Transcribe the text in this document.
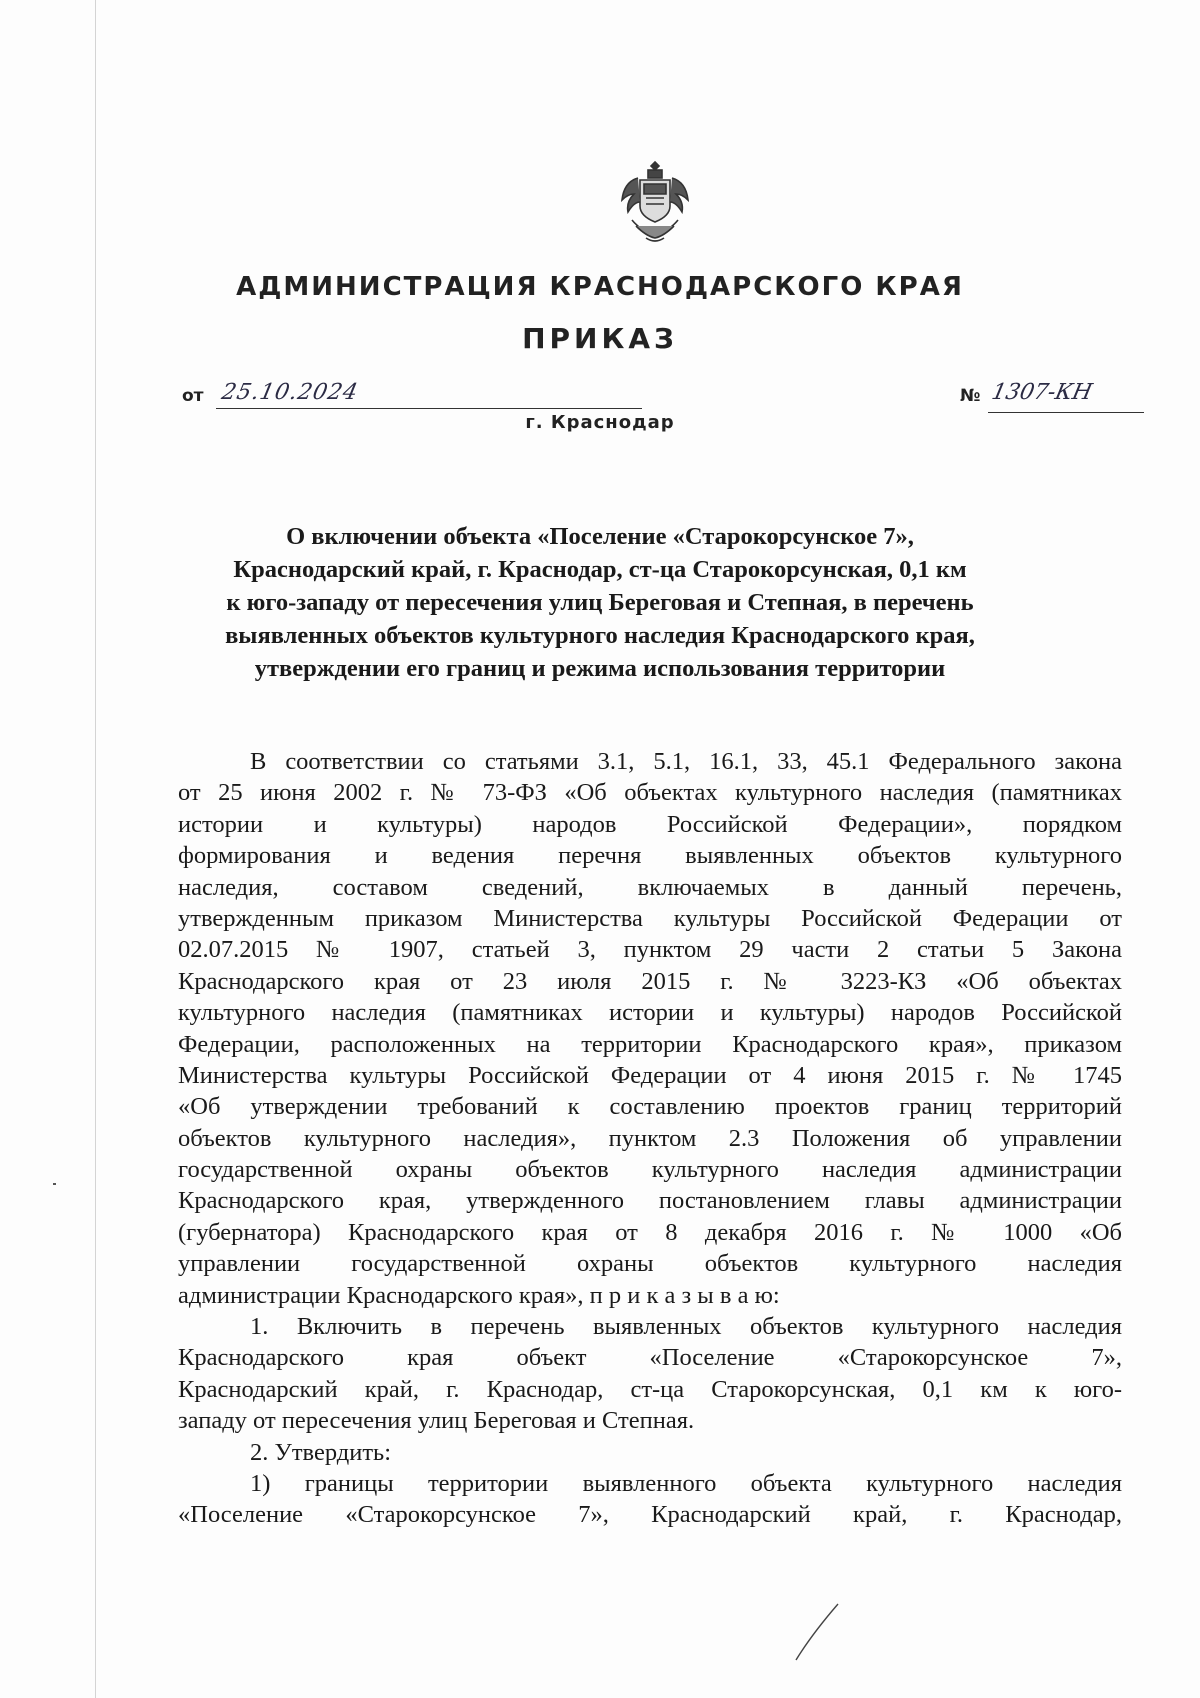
АДМИНИСТРАЦИЯ КРАСНОДАРСКОГО КРАЯ
ПРИКАЗ
от 25.10.2024	№ 1307-КН
г. Краснодар
О включении объекта «Поселение «Старокорсунское 7»,
Краснодарский край, г. Краснодар, ст-ца Старокорсунская, 0,1 км
к юго-западу от пересечения улиц Береговая и Степная, в перечень
выявленных объектов культурного наследия Краснодарского края,
утверждении его границ и режима использования территории
В соответствии со статьями 3.1, 5.1, 16.1, 33, 45.1 Федерального закона
от 25 июня 2002 г. № 73-ФЗ «Об объектах культурного наследия (памятниках
истории и культуры) народов Российской Федерации», порядком
формирования и ведения перечня выявленных объектов культурного
наследия, составом сведений, включаемых в данный перечень,
утвержденным приказом Министерства культуры Российской Федерации от
02.07.2015 № 1907, статьей 3, пунктом 29 части 2 статьи 5 Закона
Краснодарского края от 23 июля 2015 г. № 3223-КЗ «Об объектах
культурного наследия (памятниках истории и культуры) народов Российской
Федерации, расположенных на территории Краснодарского края», приказом
Министерства культуры Российской Федерации от 4 июня 2015 г. № 1745
«Об утверждении требований к составлению проектов границ территорий
объектов культурного наследия», пунктом 2.3 Положения об управлении
государственной охраны объектов культурного наследия администрации
Краснодарского края, утвержденного постановлением главы администрации
(губернатора) Краснодарского края от 8 декабря 2016 г. № 1000 «Об
управлении государственной охраны объектов культурного наследия
администрации Краснодарского края», п р и к а з ы в а ю:
1. Включить в перечень выявленных объектов культурного наследия
Краснодарского края объект «Поселение «Старокорсунское 7»,
Краснодарский край, г. Краснодар, ст-ца Старокорсунская, 0,1 км к юго-
западу от пересечения улиц Береговая и Степная.
2. Утвердить:
1) границы территории выявленного объекта культурного наследия
«Поселение «Старокорсунское 7», Краснодарский край, г. Краснодар,
